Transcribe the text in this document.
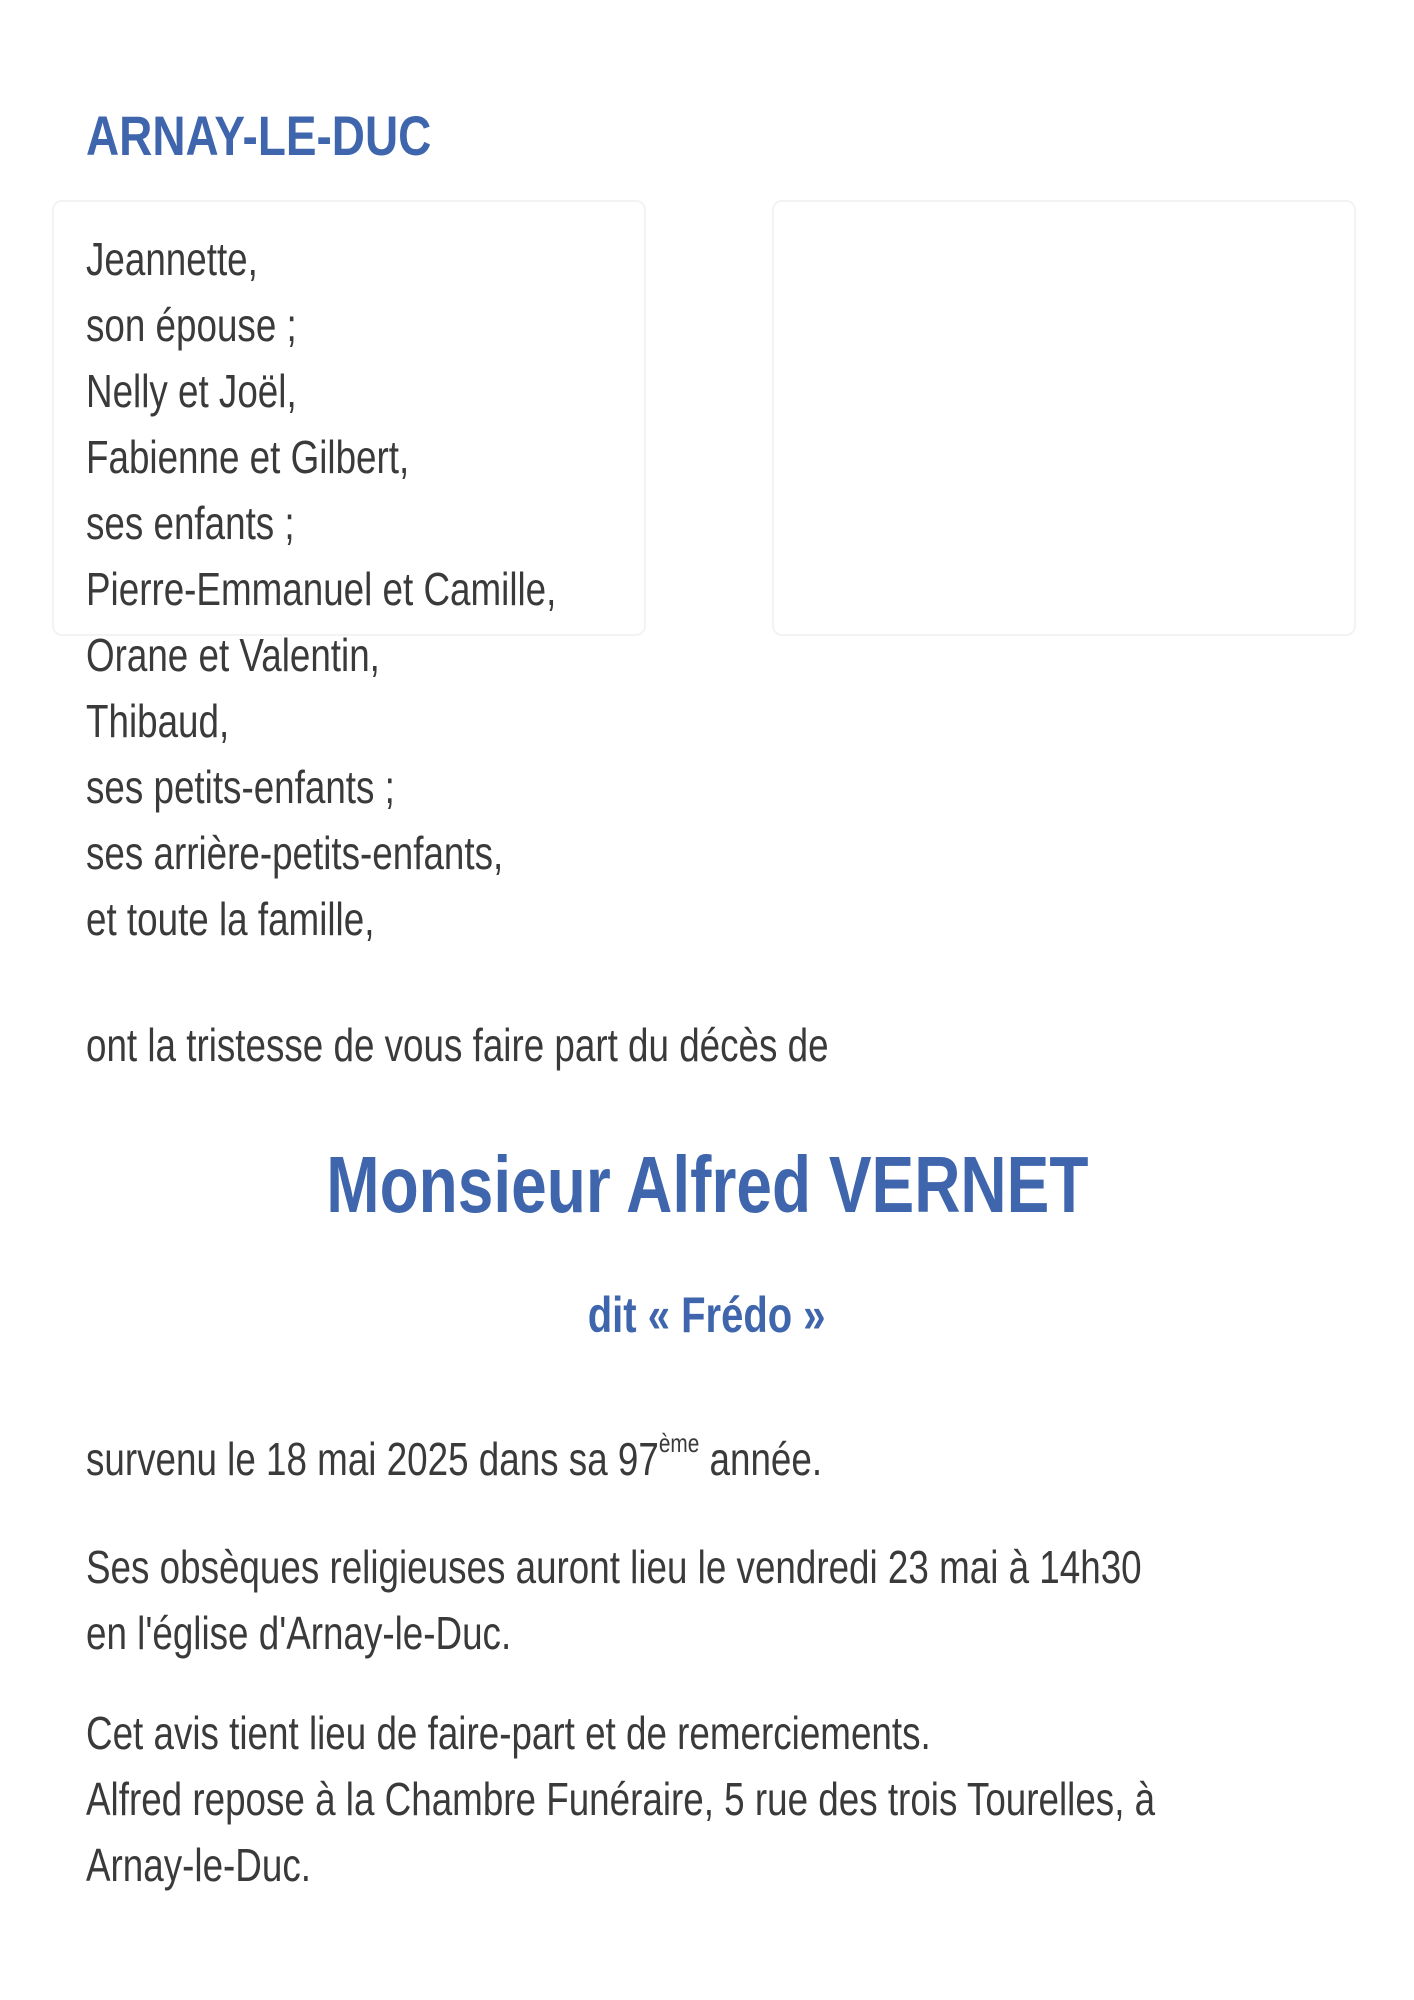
ARNAY-LE-DUC
Jeannette,
son épouse ;
Nelly et Joël,
Fabienne et Gilbert,
ses enfants ;
Pierre-Emmanuel et Camille,
Orane et Valentin,
Thibaud,
ses petits-enfants ;
ses arrière-petits-enfants,
et toute la famille,

ont la tristesse de vous faire part du décès de

Monsieur Alfred VERNET

dit « Frédo »

survenu le 18 mai 2025 dans sa 97ème année.

Ses obsèques religieuses auront lieu le vendredi 23 mai à 14h30
en l'église d'Arnay-le-Duc.

Cet avis tient lieu de faire-part et de remerciements.
Alfred repose à la Chambre Funéraire, 5 rue des trois Tourelles, à
Arnay-le-Duc.
